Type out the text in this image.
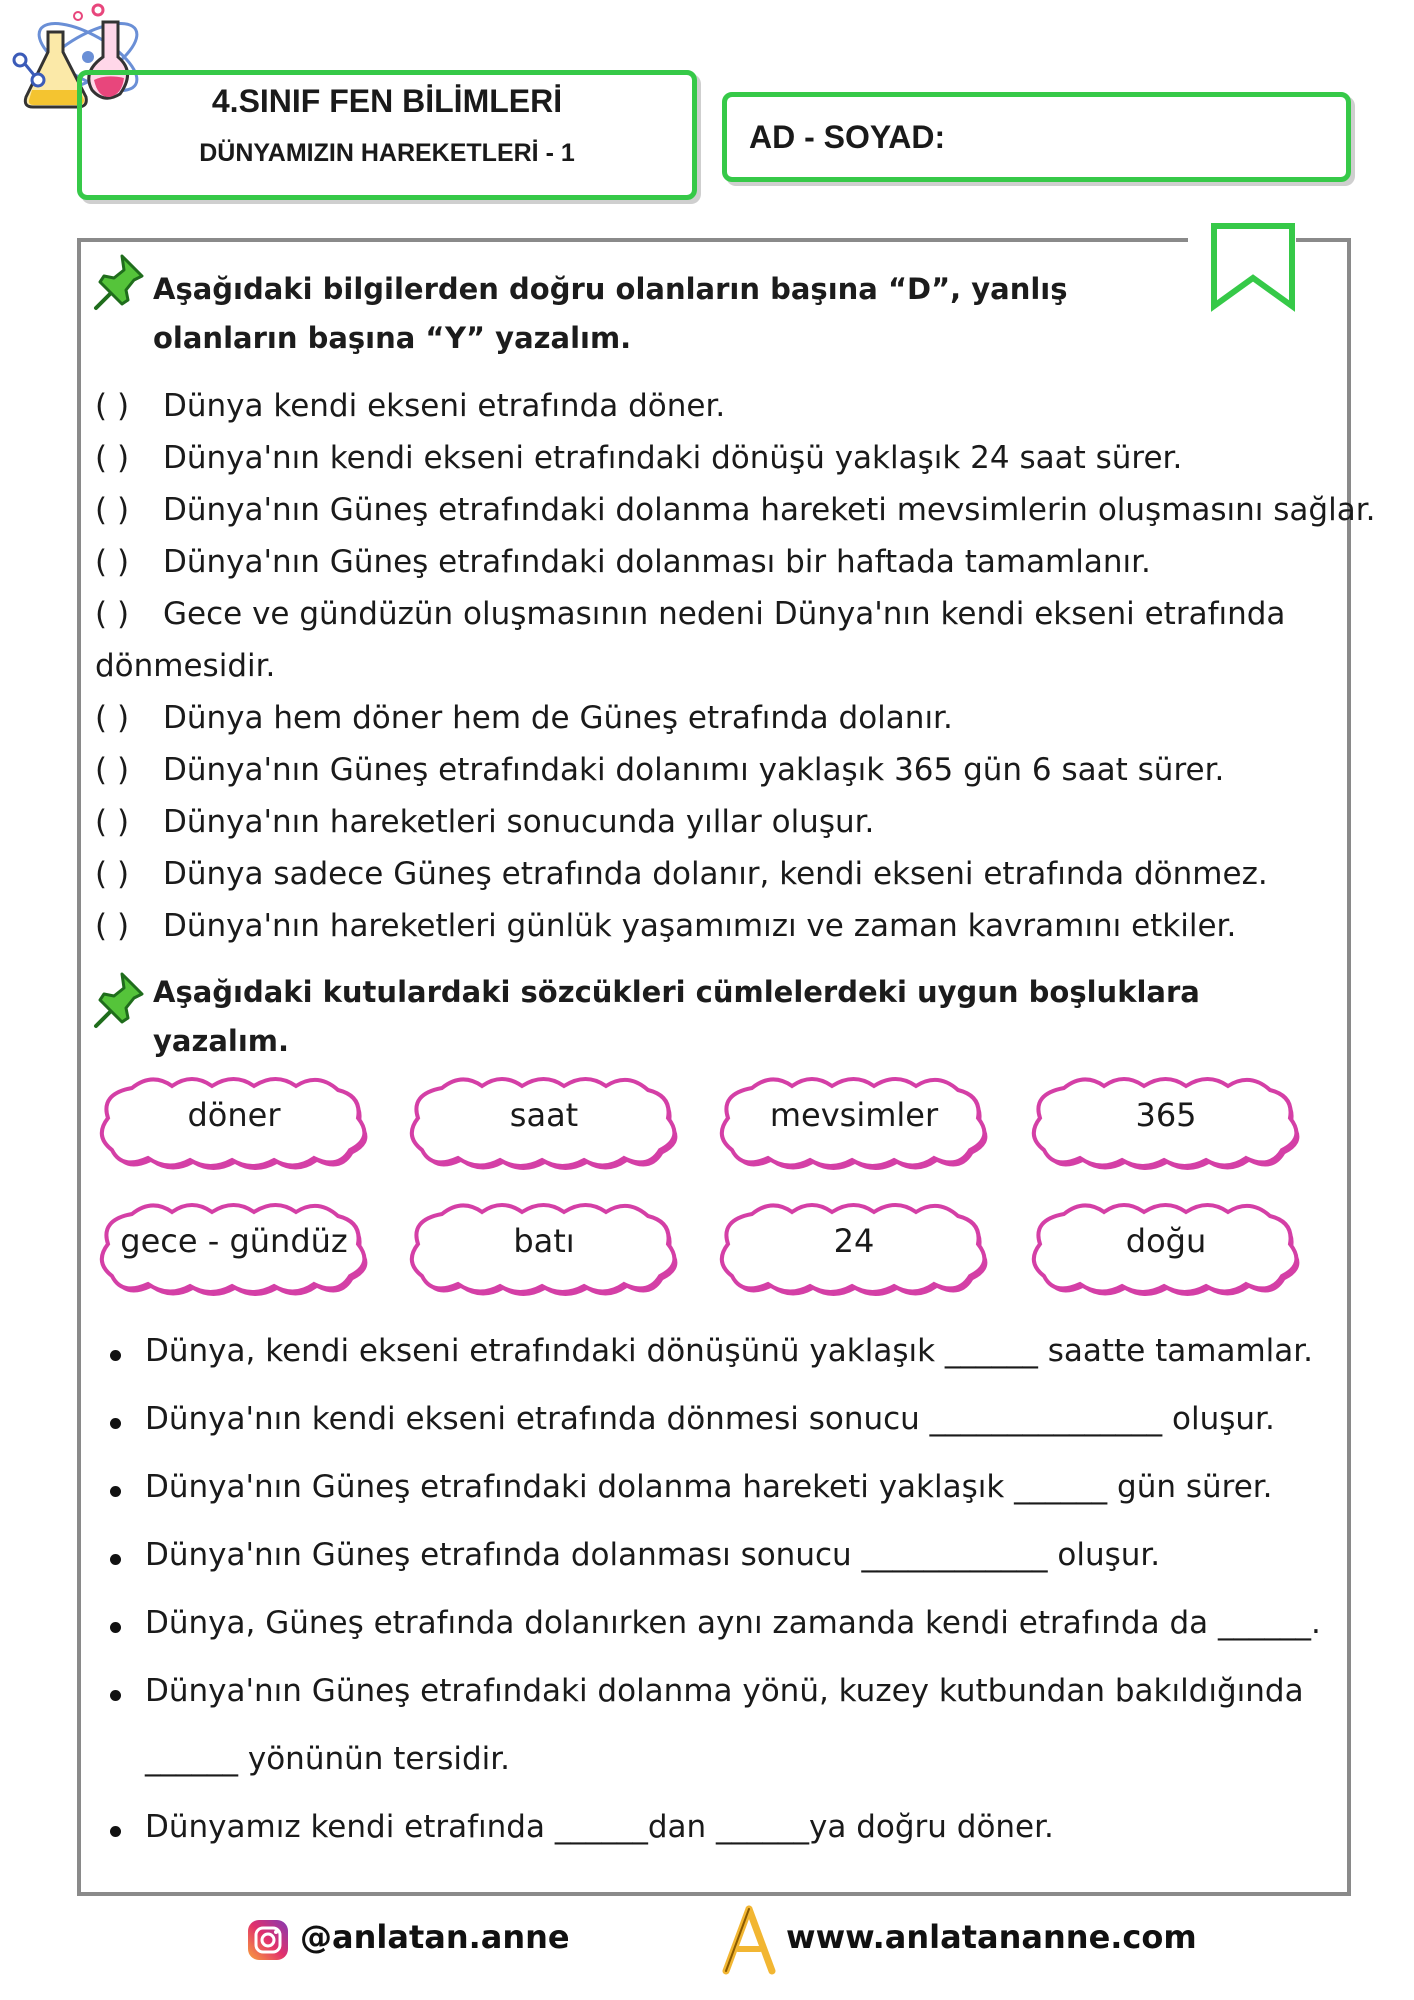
4.SINIF FEN BİLİMLERİ
DÜNYAMIZIN HAREKETLERİ - 1	AD - SOYAD:
Aşağıdaki bilgilerden doğru olanların başına “D”, yanlış
olanların başına “Y” yazalım.
( ) Dünya kendi ekseni etrafında döner.
( ) Dünya'nın kendi ekseni etrafındaki dönüşü yaklaşık 24 saat sürer.
( ) Dünya'nın Güneş etrafındaki dolanma hareketi mevsimlerin oluşmasını sağlar.
( ) Dünya'nın Güneş etrafındaki dolanması bir haftada tamamlanır.
( ) Gece ve gündüzün oluşmasının nedeni Dünya'nın kendi ekseni etrafında
dönmesidir.
( ) Dünya hem döner hem de Güneş etrafında dolanır.
( ) Dünya'nın Güneş etrafındaki dolanımı yaklaşık 365 gün 6 saat sürer.
( ) Dünya'nın hareketleri sonucunda yıllar oluşur.
( ) Dünya sadece Güneş etrafında dolanır, kendi ekseni etrafında dönmez.
( ) Dünya'nın hareketleri günlük yaşamımızı ve zaman kavramını etkiler.
Aşağıdaki kutulardaki sözcükleri cümlelerdeki uygun boşluklara
yazalım.
döner	saat	mevsimler	365
gece - gündüz	batı	24	doğu
Dünya, kendi ekseni etrafındaki dönüşünü yaklaşık ______ saatte tamamlar.
Dünya'nın kendi ekseni etrafında dönmesi sonucu _______________ oluşur.
Dünya'nın Güneş etrafındaki dolanma hareketi yaklaşık ______ gün sürer.
Dünya'nın Güneş etrafında dolanması sonucu ____________ oluşur.
Dünya, Güneş etrafında dolanırken aynı zamanda kendi etrafında da ______.
Dünya'nın Güneş etrafındaki dolanma yönü, kuzey kutbundan bakıldığında
______ yönünün tersidir.
Dünyamız kendi etrafında ______dan ______ya doğru döner.
@anlatan.anne	www.anlatananne.com
